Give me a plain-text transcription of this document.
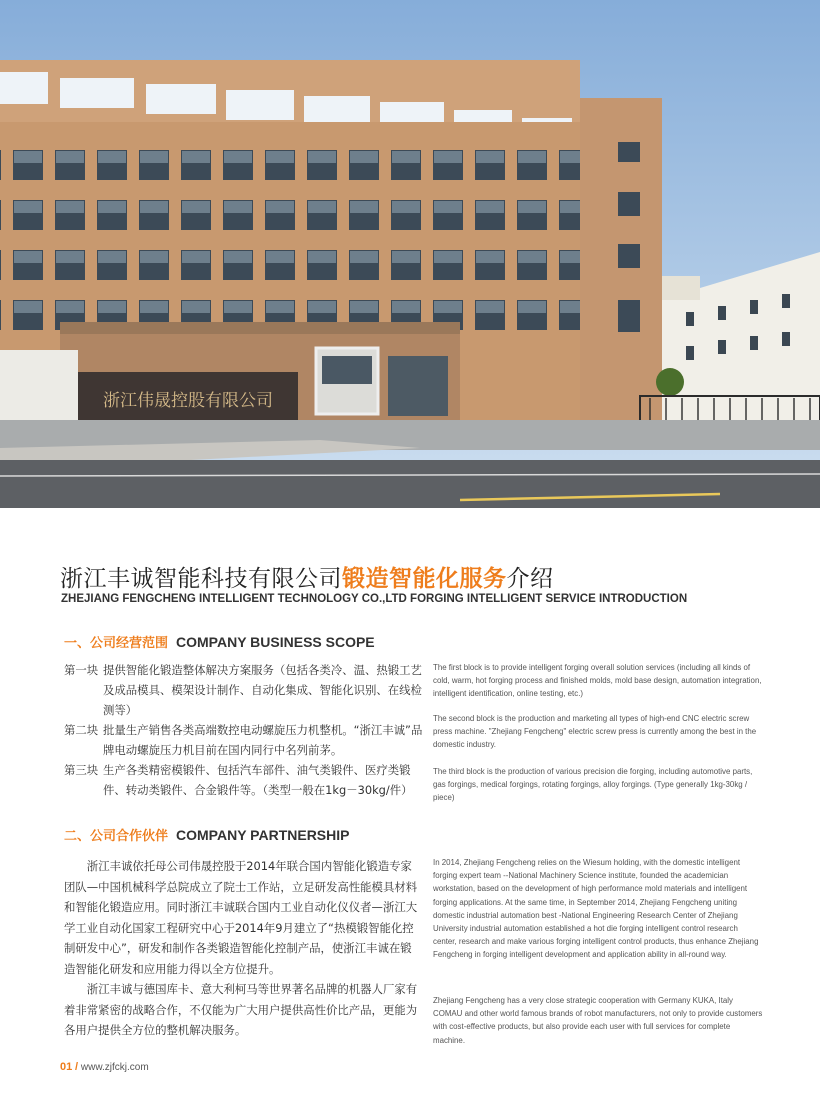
浙江伟晟控股有限公司
浙江丰诚智能科技有限公司锻造智能化服务介绍
ZHEJIANG FENGCHENG INTELLIGENT TECHNOLOGY CO.,LTD FORGING INTELLIGENT SERVICE INTRODUCTION
一、公司经营范围 COMPANY BUSINESS SCOPE
第一块 提供智能化锻造整体解决方案服务（包括各类冷、温、热锻工艺及成品模具、模架设计制作、自动化集成、智能化识别、在线检测等）
第二块 批量生产销售各类高端数控电动螺旋压力机整机。“浙江丰诚”品牌电动螺旋压力机目前在国内同行中名列前茅。
第三块 生产各类精密模锻件、包括汽车部件、油气类锻件、医疗类锻件、转动类锻件、合金锻件等。（类型一般在1kg－30kg/件）
The first block is to provide intelligent forging overall solution services (including all kinds of cold, warm, hot forging process and finished molds, mold base design, automation integration, intelligent identification, online testing, etc.)
The second block is the production and marketing all types of high-end CNC electric screw press machine. "Zhejiang Fengcheng" electric screw press is currently among the best in the domestic industry.
The third block is the production of various precision die forging, including automotive parts, gas forgings, medical forgings, rotating forgings, alloy forgings. (Type generally 1kg-30kg / piece)
二、公司合作伙伴 COMPANY PARTNERSHIP

浙江丰诚依托母公司伟晟控股于2014年联合国内智能化锻造专家团队—中国机械科学总院成立了院士工作站，立足研发高性能模具材料和智能化锻造应用。同时浙江丰诚联合国内工业自动化仪仪者—浙江大学工业自动化国家工程研究中心于2014年9月建立了“热模锻智能化控制研发中心”，研发和制作各类锻造智能化控制产品，使浙江丰诚在锻造智能化研发和应用能力得以全方位提升。

浙江丰诚与德国库卡、意大利柯马等世界著名品牌的机器人厂家有着非常紧密的战略合作，不仅能为广大用户提供高性价比产品，更能为各用户提供全方位的整机解决服务。

In 2014, Zhejiang Fengcheng relies on the Wiesum holding, with the domestic intelligent forging expert team --National Machinery Science institute, founded the academician workstation, based on the development of high performance mold materials and intelligent forging applications. At the same time, in September 2014, Zhejiang Fengcheng uniting domestic industrial automation best -National Engineering Research Center of Zhejiang University industrial automation established a hot die forging intelligent control research center, research and make various forging intelligent control products, thus enhance Zhejiang Fengcheng in forging intelligent development and application ability in all-round way.
Zhejiang Fengcheng has a very close strategic cooperation with Germany KUKA, Italy COMAU and other world famous brands of robot manufacturers, not only to provide customers with cost-effective products, but also provide each user with full services for complete machine.
01 / www.zjfckj.com
